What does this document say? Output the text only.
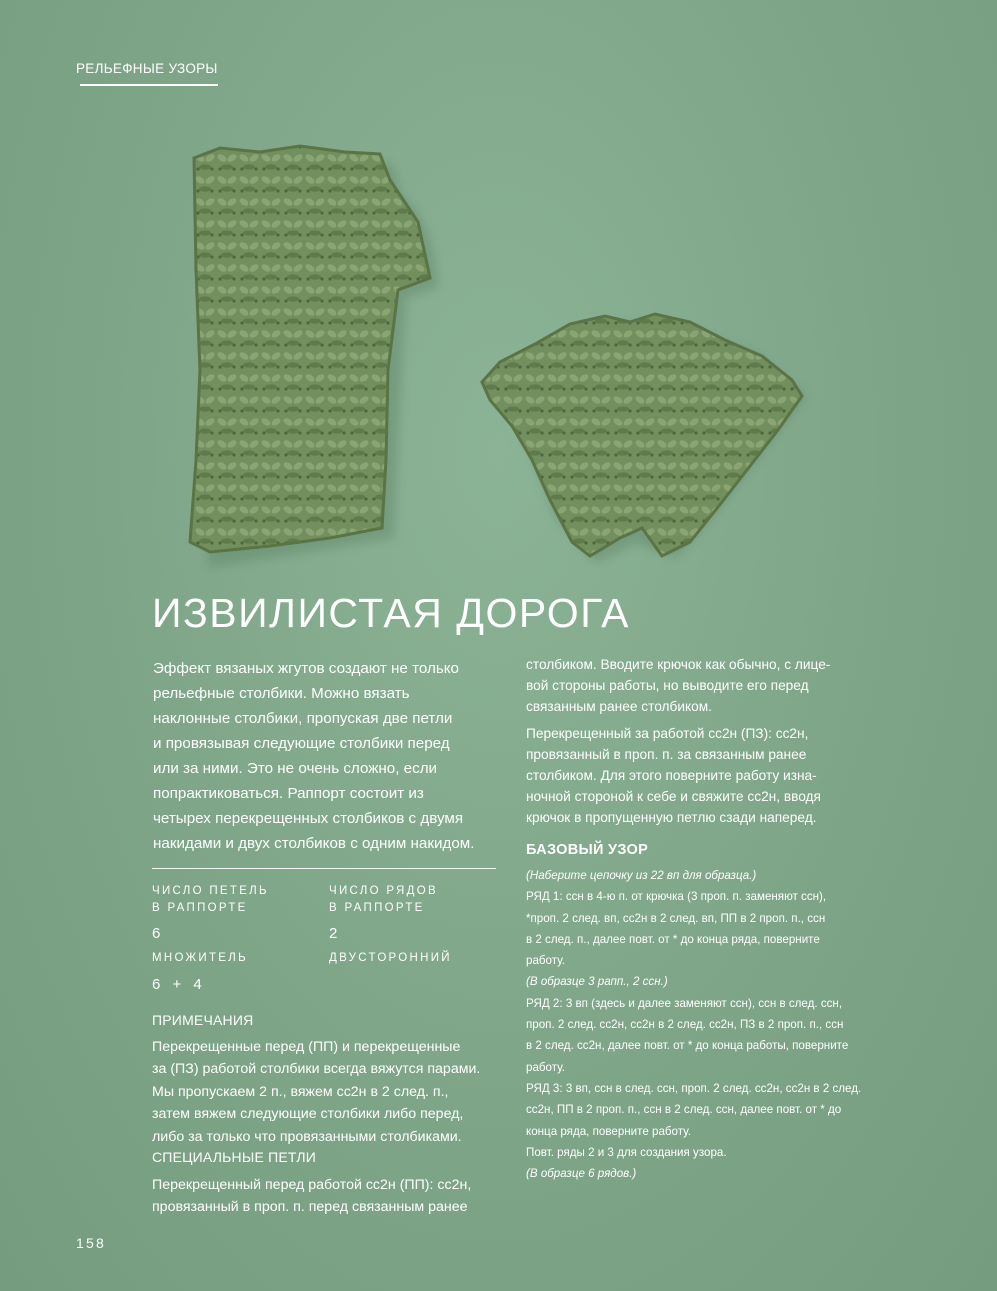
РЕЛЬЕФНЫЕ УЗОРЫ
ИЗВИЛИСТАЯ ДОРОГА

Эффект вязаных жгутов создают не только

рельефные столбики. Можно вязать

наклонные столбики, пропуская две петли

и провязывая следующие столбики перед

или за ними. Это не очень сложно, если

попрактиковаться. Раппорт состоит из

четырех перекрещенных столбиков с двумя

накидами и двух столбиков с одним накидом.

ЧИСЛО ПЕТЕЛЬ
В РАППОРТЕ
ЧИСЛО РЯДОВ
В РАППОРТЕ
6	2
МНОЖИТЕЛЬ	ДВУСТОРОННИЙ
6 + 4
ПРИМЕЧАНИЯ

Перекрещенные перед (ПП) и перекрещенные

за (ПЗ) работой столбики всегда вяжутся парами.

Мы пропускаем 2 п., вяжем сс2н в 2 след. п.,

затем вяжем следующие столбики либо перед,

либо за только что провязанными столбиками.

СПЕЦИАЛЬНЫЕ ПЕТЛИ

Перекрещенный перед работой сс2н (ПП): сс2н,

провязанный в проп. п. перед связанным ранее

столбиком. Вводите крючок как обычно, с лице-

вой стороны работы, но выводите его перед

связанным ранее столбиком.

Перекрещенный за работой сс2н (ПЗ): сс2н,

провязанный в проп. п. за связанным ранее

столбиком. Для этого поверните работу изна-

ночной стороной к себе и свяжите сс2н, вводя

крючок в пропущенную петлю сзади наперед.

БАЗОВЫЙ УЗОР

(Наберите цепочку из 22 вп для образца.)

РЯД 1: ссн в 4-ю п. от крючка (3 проп. п. заменяют ссн),

*проп. 2 след. вп, сс2н в 2 след. вп, ПП в 2 проп. п., ссн

в 2 след. п., далее повт. от * до конца ряда, поверните

работу.

(В образце 3 рапп., 2 ссн.)

РЯД 2: 3 вп (здесь и далее заменяют ссн), ссн в след. ссн,

проп. 2 след. сс2н, сс2н в 2 след. сс2н, ПЗ в 2 проп. п., ссн

в 2 след. сс2н, далее повт. от * до конца работы, поверните

работу.

РЯД 3: 3 вп, ссн в след. ссн, проп. 2 след. сс2н, сс2н в 2 след.

сс2н, ПП в 2 проп. п., ссн в 2 след. ссн, далее повт. от * до

конца ряда, поверните работу.

Повт. ряды 2 и 3 для создания узора.

(В образце 6 рядов.)

158
